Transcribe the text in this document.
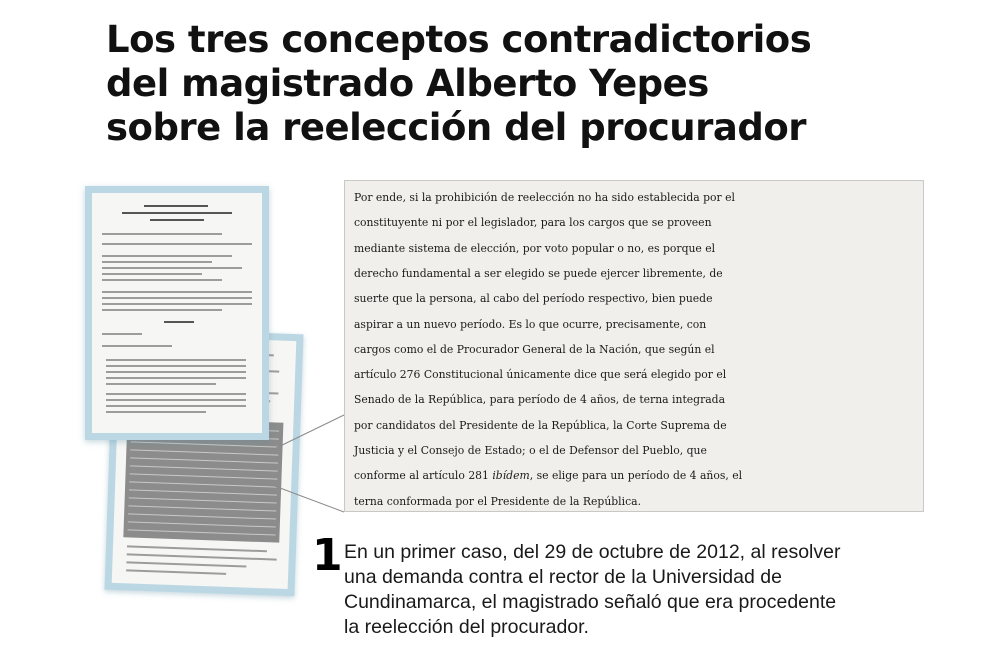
Los tres conceptos contradictorios
del magistrado Alberto Yepes
sobre la reelección del procurador

Por ende, si la prohibición de reelección no ha sido establecida por el

constituyente ni por el legislador, para los cargos que se proveen

mediante sistema de elección, por voto popular o no, es porque el

derecho fundamental a ser elegido se puede ejercer libremente, de

suerte que la persona, al cabo del período respectivo, bien puede

aspirar a un nuevo período. Es lo que ocurre, precisamente, con

cargos como el de Procurador General de la Nación, que según el

artículo 276 Constitucional únicamente dice que será elegido por el

Senado de la República, para período de 4 años, de terna integrada

por candidatos del Presidente de la República, la Corte Suprema de

Justicia y el Consejo de Estado; o el de Defensor del Pueblo, que

conforme al artículo 281 ibídem, se elige para un período de 4 años, el

terna conformada por el Presidente de la República.

1 En un primer caso, del 29 de octubre de 2012, al resolver
una demanda contra el rector de la Universidad de
Cundinamarca, el magistrado señaló que era procedente
la reelección del procurador.
